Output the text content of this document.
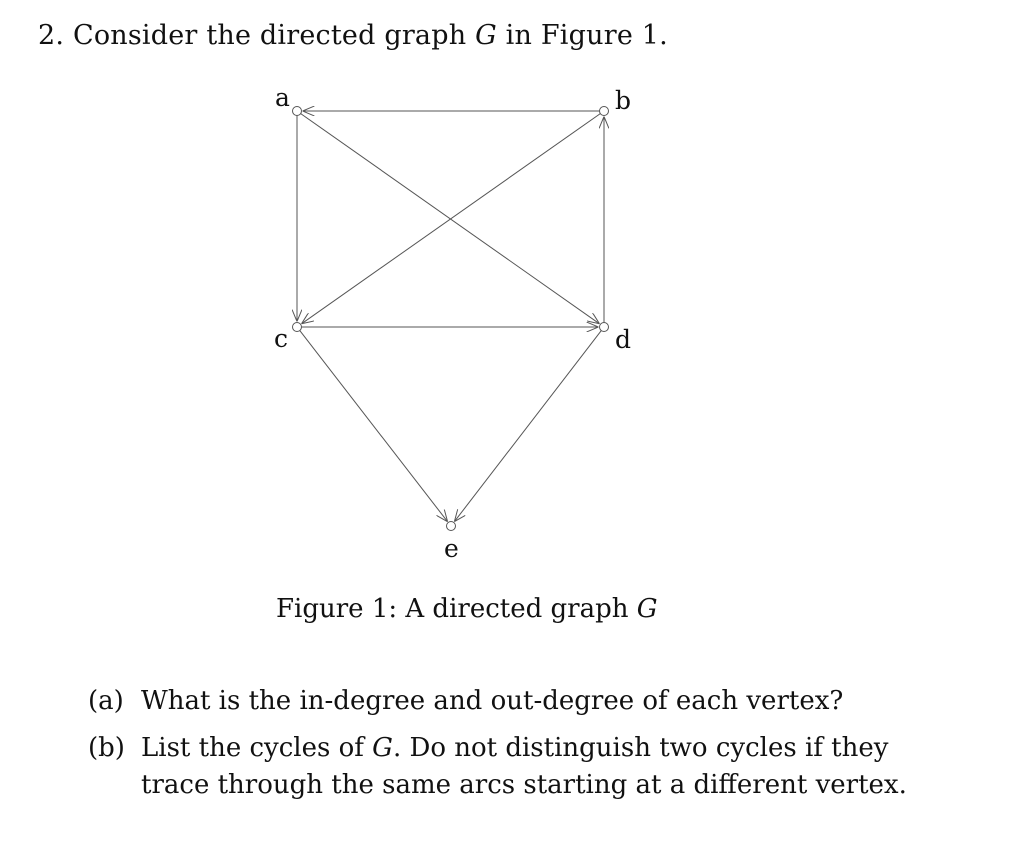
2. Consider the directed graph G in Figure 1.
a	b
c	d
e
Figure 1: A directed graph G
(a) What is the in-degree and out-degree of each vertex?
(b) List the cycles of G. Do not distinguish two cycles if they trace through the same arcs starting at a different vertex.
